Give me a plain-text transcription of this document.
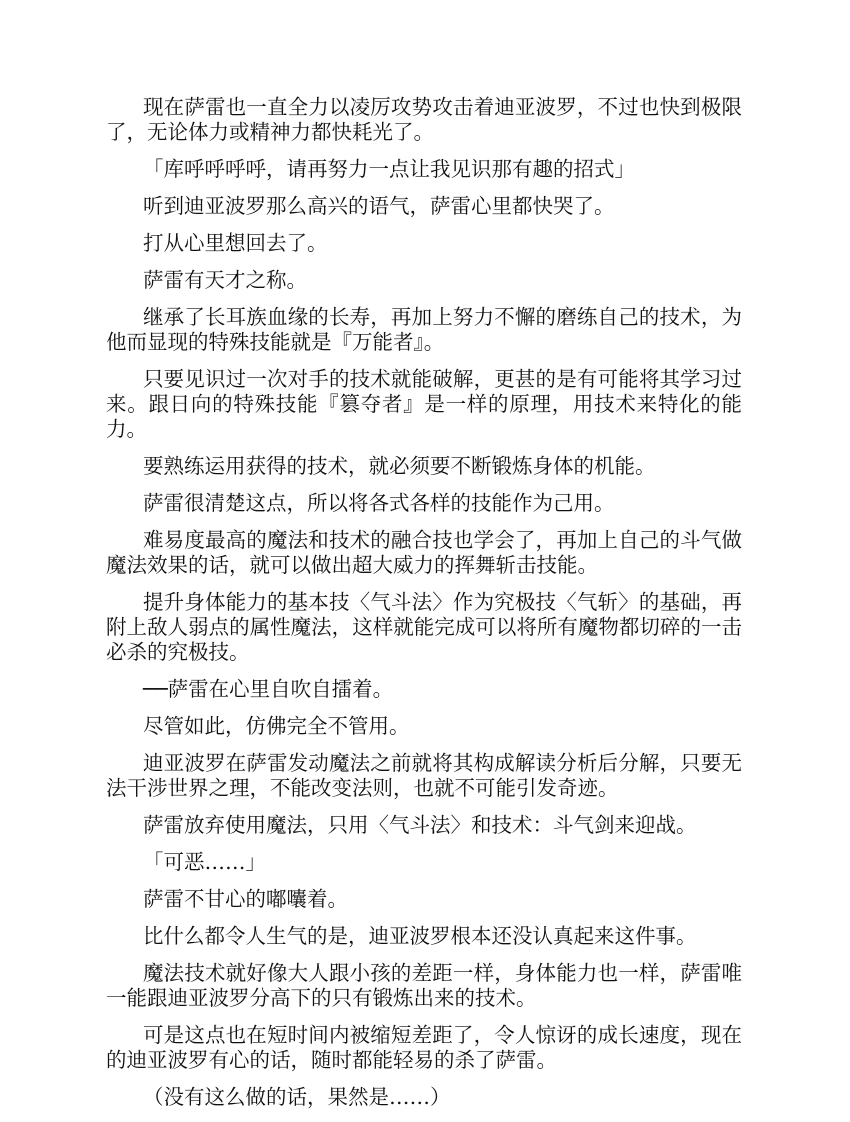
现在萨雷也一直全力以凌厉攻势攻击着迪亚波罗，不过也快到极限了，无论体力或精神力都快耗光了。

「库呼呼呼呼，请再努力一点让我见识那有趣的招式」

听到迪亚波罗那么高兴的语气，萨雷心里都快哭了。

打从心里想回去了。

萨雷有天才之称。

继承了长耳族血缘的长寿，再加上努力不懈的磨练自己的技术，为他而显现的特殊技能就是『万能者』。

只要见识过一次对手的技术就能破解，更甚的是有可能将其学习过来。跟日向的特殊技能『篡夺者』是一样的原理，用技术来特化的能力。

要熟练运用获得的技术，就必须要不断锻炼身体的机能。

萨雷很清楚这点，所以将各式各样的技能作为己用。

难易度最高的魔法和技术的融合技也学会了，再加上自己的斗气做魔法效果的话，就可以做出超大威力的挥舞斩击技能。

提升身体能力的基本技〈气斗法〉作为究极技〈气斩〉的基础，再附上敌人弱点的属性魔法，这样就能完成可以将所有魔物都切碎的一击必杀的究极技。

──萨雷在心里自吹自擂着。

尽管如此，仿佛完全不管用。

迪亚波罗在萨雷发动魔法之前就将其构成解读分析后分解，只要无法干涉世界之理，不能改变法则，也就不可能引发奇迹。

萨雷放弃使用魔法，只用〈气斗法〉和技术：斗气剑来迎战。

「可恶……」

萨雷不甘心的嘟囔着。

比什么都令人生气的是，迪亚波罗根本还没认真起来这件事。

魔法技术就好像大人跟小孩的差距一样，身体能力也一样，萨雷唯一能跟迪亚波罗分高下的只有锻炼出来的技术。

可是这点也在短时间内被缩短差距了，令人惊讶的成长速度，现在的迪亚波罗有心的话，随时都能轻易的杀了萨雷。

（没有这么做的话，果然是……）
